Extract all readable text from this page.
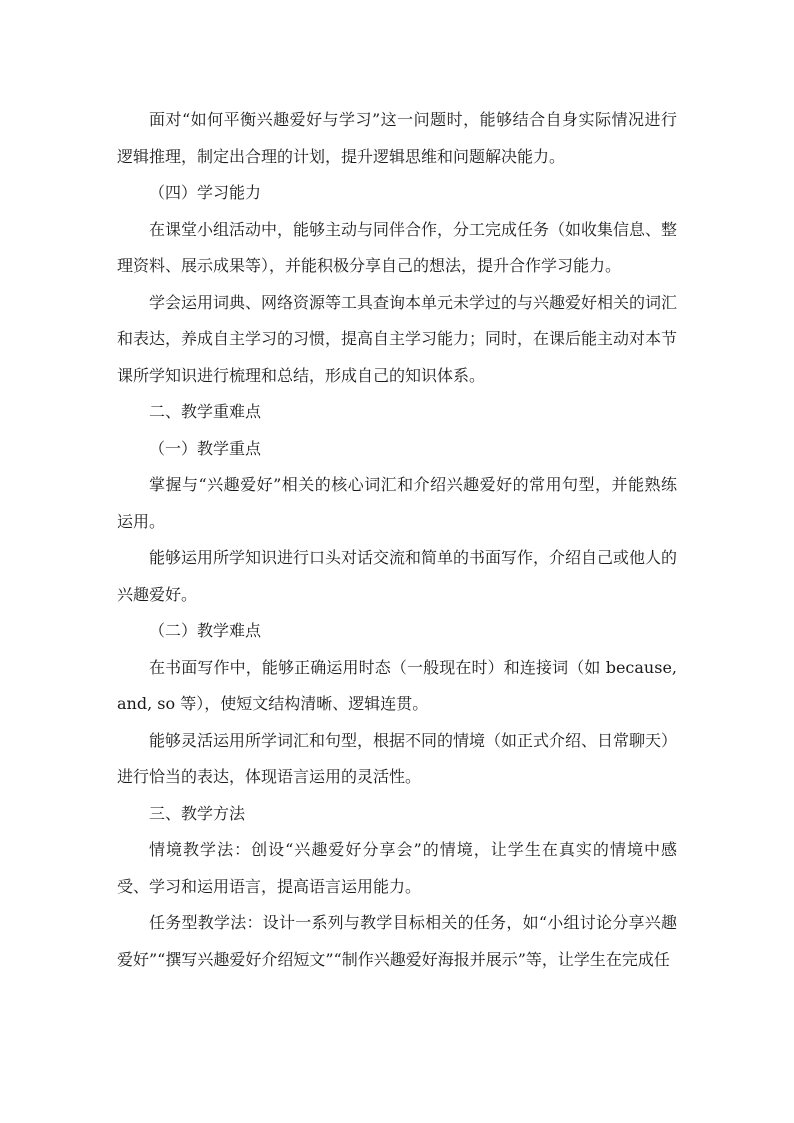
面对“如何平衡兴趣爱好与学习”这一问题时，能够结合自身实际情况进行逻辑推理，制定出合理的计划，提升逻辑思维和问题解决能力。

（四）学习能力

在课堂小组活动中，能够主动与同伴合作，分工完成任务（如收集信息、整理资料、展示成果等），并能积极分享自己的想法，提升合作学习能力。

学会运用词典、网络资源等工具查询本单元未学过的与兴趣爱好相关的词汇和表达，养成自主学习的习惯，提高自主学习能力；同时，在课后能主动对本节课所学知识进行梳理和总结，形成自己的知识体系。

二、教学重难点

（一）教学重点

掌握与“兴趣爱好”相关的核心词汇和介绍兴趣爱好的常用句型，并能熟练运用。

能够运用所学知识进行口头对话交流和简单的书面写作，介绍自己或他人的兴趣爱好。

（二）教学难点

在书面写作中，能够正确运用时态（一般现在时）和连接词（如 because, and, so 等），使短文结构清晰、逻辑连贯。

能够灵活运用所学词汇和句型，根据不同的情境（如正式介绍、日常聊天）进行恰当的表达，体现语言运用的灵活性。

三、教学方法

情境教学法：创设“兴趣爱好分享会”的情境，让学生在真实的情境中感受、学习和运用语言，提高语言运用能力。

任务型教学法：设计一系列与教学目标相关的任务，如“小组讨论分享兴趣爱好”“撰写兴趣爱好介绍短文”“制作兴趣爱好海报并展示”等，让学生在完成任
